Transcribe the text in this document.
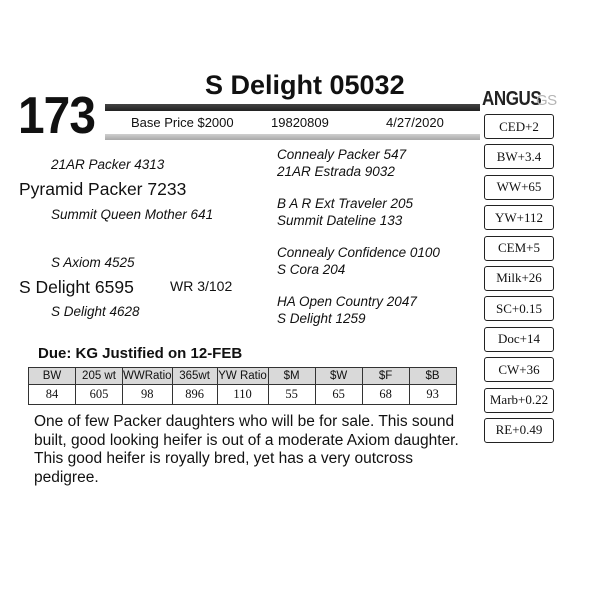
173
S Delight 05032
Base Price $2000	19820809	4/27/2020
21AR Packer 4313
Pyramid Packer 7233
Summit Queen Mother 641
S Axiom 4525
S Delight 6595	WR 3/102
S Delight 4628
Connealy Packer 547
21AR Estrada 9032
B A R Ext Traveler 205
Summit Dateline 133
Connealy Confidence 0100
S Cora 204
HA Open Country 2047
S Delight 1259
ANGUS
GS
CED+2
BW+3.4
WW+65
YW+112
CEM+5
Milk+26
SC+0.15
Doc+14
CW+36
Marb+0.22
RE+0.49
Due: KG Justified on 12-FEB
BW	205 wt	WWRatio	365wt	YW Ratio	$M	$W	$F	$B
84	605	98	896	110	55	65	68	93
One of few Packer daughters who will be for sale. This sound built, good looking heifer is out of a moderate Axiom daughter. This good heifer is royally bred, yet has a very outcross pedigree.
